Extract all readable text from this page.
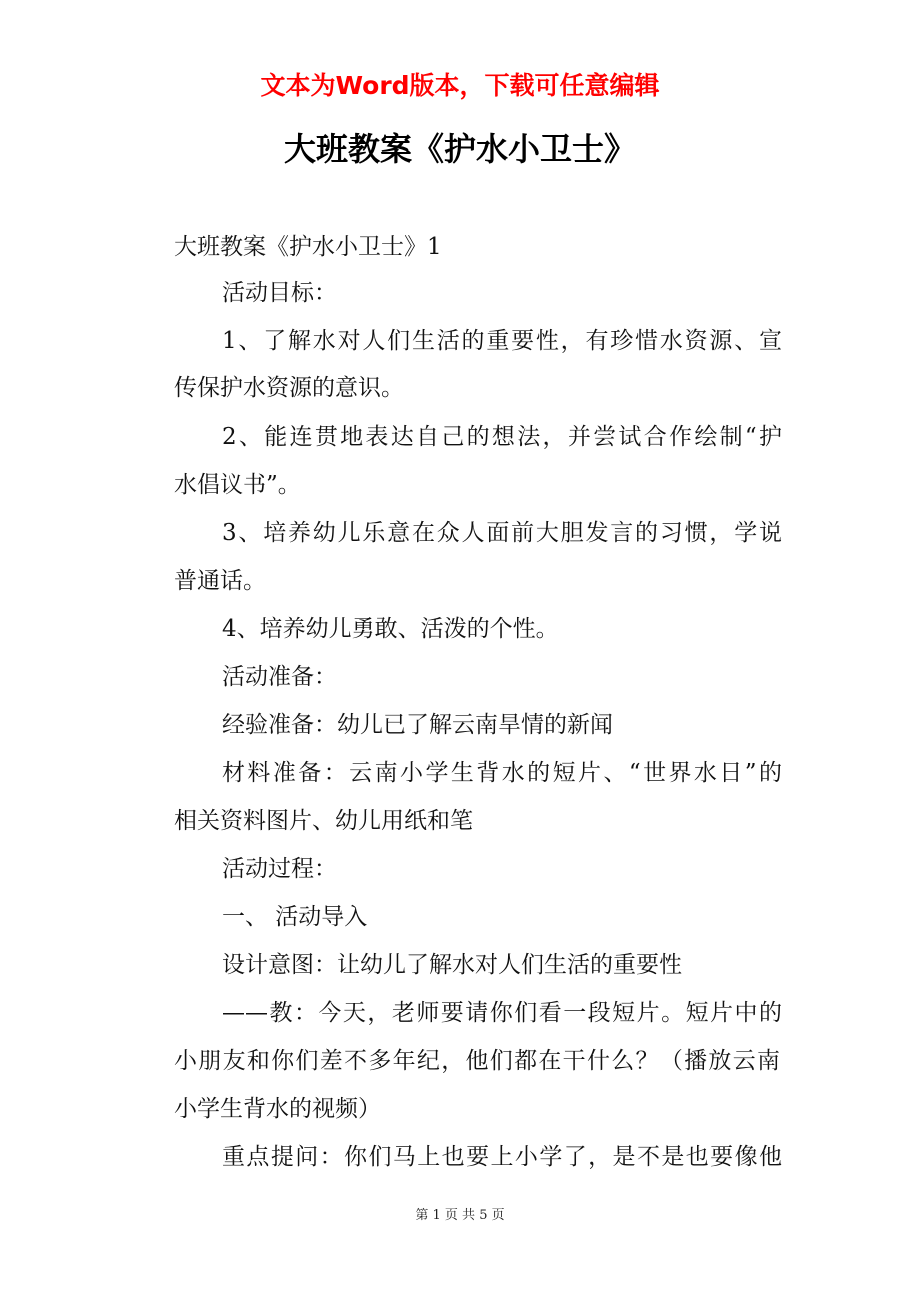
文本为Word版本，下载可任意编辑
大班教案《护水小卫士》
大班教案《护水小卫士》1
活动目标：
1、了解水对人们生活的重要性，有珍惜水资源、宣
传保护水资源的意识。
2、能连贯地表达自己的想法，并尝试合作绘制“护
水倡议书”。
3、培养幼儿乐意在众人面前大胆发言的习惯，学说
普通话。
4、培养幼儿勇敢、活泼的个性。
活动准备：
经验准备：幼儿已了解云南旱情的新闻
材料准备：云南小学生背水的短片、“世界水日”的
相关资料图片、幼儿用纸和笔
活动过程：
一、 活动导入
设计意图：让幼儿了解水对人们生活的重要性
——教：今天，老师要请你们看一段短片。短片中的
小朋友和你们差不多年纪，他们都在干什么？（播放云南
小学生背水的视频）
重点提问：你们马上也要上小学了，是不是也要像他
第 1 页 共 5 页
